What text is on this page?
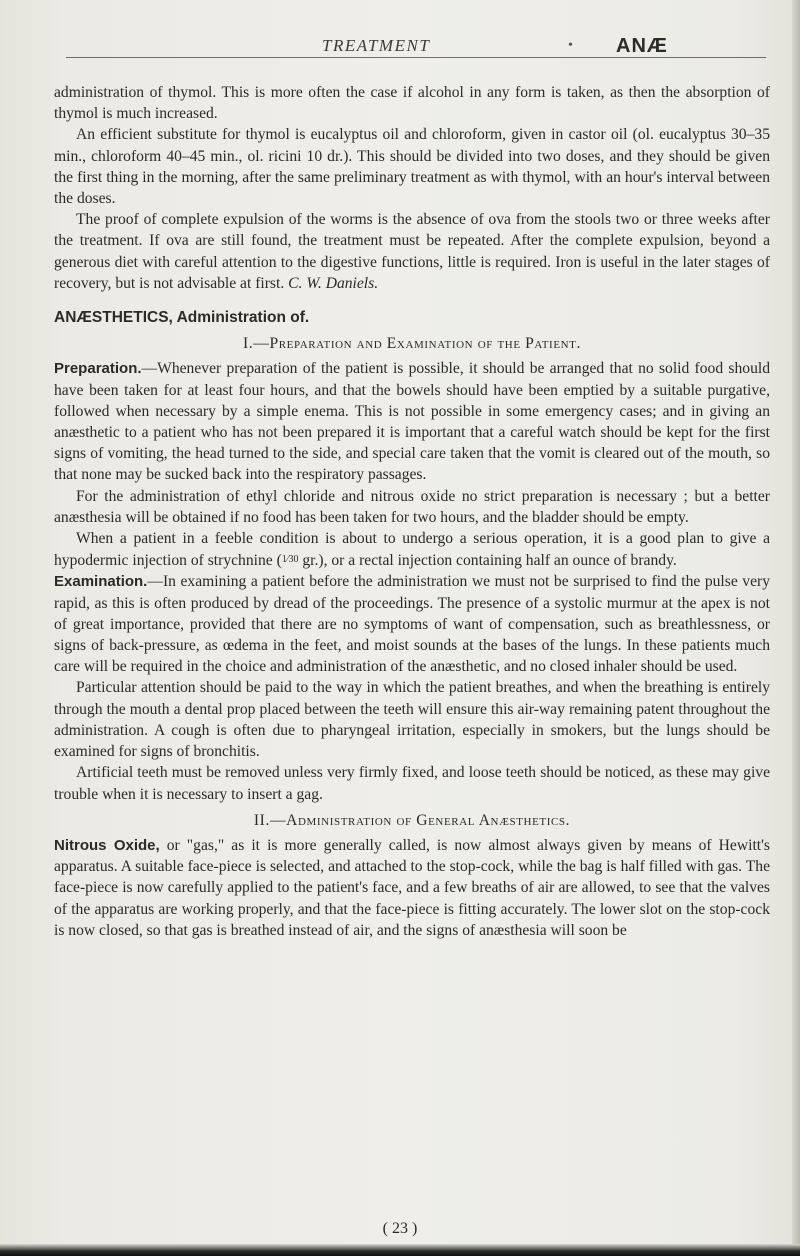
TREATMENT	• ANÆ

administration of thymol. This is more often the case if alcohol in any form is taken, as then the absorption of thymol is much increased.

An efficient substitute for thymol is eucalyptus oil and chloroform, given in castor oil (ol. eucalyptus 30–35 min., chloroform 40–45 min., ol. ricini 10 dr.). This should be divided into two doses, and they should be given the first thing in the morning, after the same preliminary treatment as with thymol, with an hour's interval between the doses.

The proof of complete expulsion of the worms is the absence of ova from the stools two or three weeks after the treatment. If ova are still found, the treatment must be repeated. After the complete expulsion, beyond a generous diet with careful attention to the digestive functions, little is required. Iron is useful in the later stages of recovery, but is not advisable at first. C. W. Daniels.

ANÆSTHETICS, Administration of.

I.—Preparation and Examination of the Patient.

Preparation.—Whenever preparation of the patient is possible, it should be arranged that no solid food should have been taken for at least four hours, and that the bowels should have been emptied by a suitable purgative, followed when necessary by a simple enema. This is not possible in some emergency cases; and in giving an anæsthetic to a patient who has not been prepared it is important that a careful watch should be kept for the first signs of vomiting, the head turned to the side, and special care taken that the vomit is cleared out of the mouth, so that none may be sucked back into the respiratory passages.

For the administration of ethyl chloride and nitrous oxide no strict preparation is necessary ; but a better anæsthesia will be obtained if no food has been taken for two hours, and the bladder should be empty.

When a patient in a feeble condition is about to undergo a serious operation, it is a good plan to give a hypodermic injection of strychnine (1⁄30 gr.), or a rectal injection containing half an ounce of brandy.

Examination.—In examining a patient before the administration we must not be surprised to find the pulse very rapid, as this is often produced by dread of the proceedings. The presence of a systolic murmur at the apex is not of great importance, provided that there are no symptoms of want of compensation, such as breathlessness, or signs of back-pressure, as œdema in the feet, and moist sounds at the bases of the lungs. In these patients much care will be required in the choice and administration of the anæsthetic, and no closed inhaler should be used.

Particular attention should be paid to the way in which the patient breathes, and when the breathing is entirely through the mouth a dental prop placed between the teeth will ensure this air-way remaining patent throughout the administration. A cough is often due to pharyngeal irritation, especially in smokers, but the lungs should be examined for signs of bronchitis.

Artificial teeth must be removed unless very firmly fixed, and loose teeth should be noticed, as these may give trouble when it is necessary to insert a gag.

II.—Administration of General Anæsthetics.

Nitrous Oxide, or "gas," as it is more generally called, is now almost always given by means of Hewitt's apparatus. A suitable face-piece is selected, and attached to the stop-cock, while the bag is half filled with gas. The face-piece is now carefully applied to the patient's face, and a few breaths of air are allowed, to see that the valves of the apparatus are working properly, and that the face-piece is fitting accurately. The lower slot on the stop-cock is now closed, so that gas is breathed instead of air, and the signs of anæsthesia will soon be

( 23 )
